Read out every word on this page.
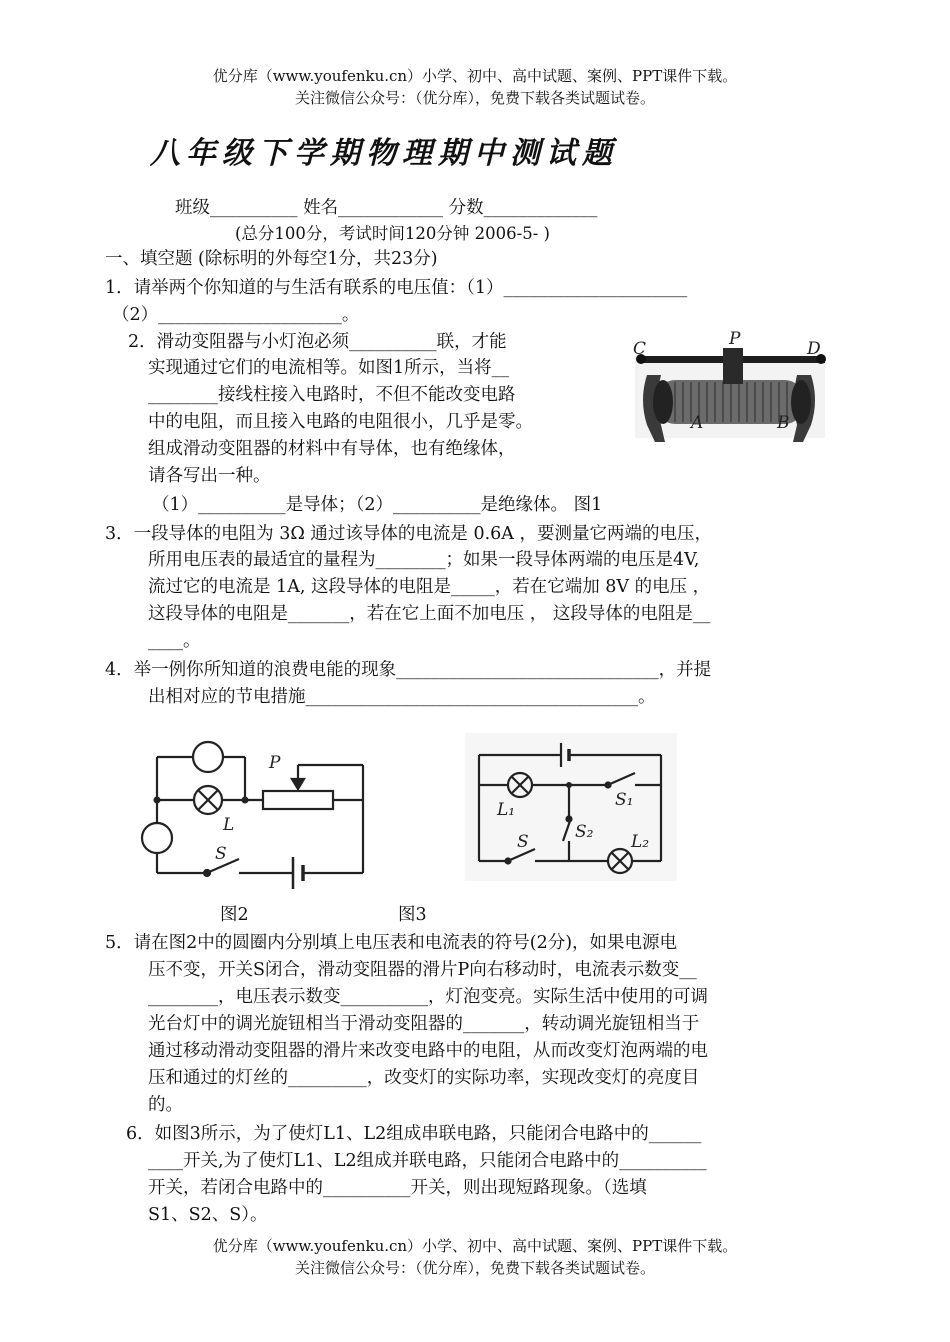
优分库（www.youfenku.cn）小学、初中、高中试题、案例、PPT课件下载。
关注微信公众号：（优分库），免费下载各类试题试卷。
八年级下学期物理期中测试题
班级__________ 姓名____________ 分数_____________
(总分100分，考试时间120分钟 2006-5- )
一、填空题 (除标明的外每空1分，共23分)
1．请举两个你知道的与生活有联系的电压值：（1）_____________________
（2）_____________________。
2．滑动变阻器与小灯泡必须__________联，才能
实现通过它们的电流相等。如图1所示，当将__
________接线柱接入电路时，不但不能改变电路
中的电阻，而且接入电路的电阻很小，几乎是零。
组成滑动变阻器的材料中有导体，也有绝缘体，
请各写出一种。
（1）__________是导体；（2）__________是绝缘体。 图1
C	P	D
A	B
3．一段导体的电阻为 3Ω 通过该导体的电流是 0.6A ，要测量它两端的电压，
所用电压表的最适宜的量程为________；如果一段导体两端的电压是4V,
流过它的电流是 1A, 这段导体的电阻是_____，若在它端加 8V 的电压 ，
这段导体的电阻是_______，若在它上面不加电压 ， 这段导体的电阻是__
____。
4．举一例你所知道的浪费电能的现象______________________________，并提
出相对应的节电措施______________________________________。
P
L
S
L₁	S₁
S₂
S	L₂
图2	图3
5．请在图2中的圆圈内分别填上电压表和电流表的符号(2分)，如果电源电
压不变，开关S闭合，滑动变阻器的滑片P向右移动时，电流表示数变__
________，电压表示数变__________，灯泡变亮。实际生活中使用的可调
光台灯中的调光旋钮相当于滑动变阻器的_______，转动调光旋钮相当于
通过移动滑动变阻器的滑片来改变电路中的电阻，从而改变灯泡两端的电
压和通过的灯丝的_________，改变灯的实际功率，实现改变灯的亮度目
的。
6．如图3所示，为了使灯L1、L2组成串联电路，只能闭合电路中的______
____开关,为了使灯L1、L2组成并联电路，只能闭合电路中的__________
开关，若闭合电路中的__________开关，则出现短路现象。（选填
S1、S2、S）。
优分库（www.youfenku.cn）小学、初中、高中试题、案例、PPT课件下载。
关注微信公众号：（优分库），免费下载各类试题试卷。
